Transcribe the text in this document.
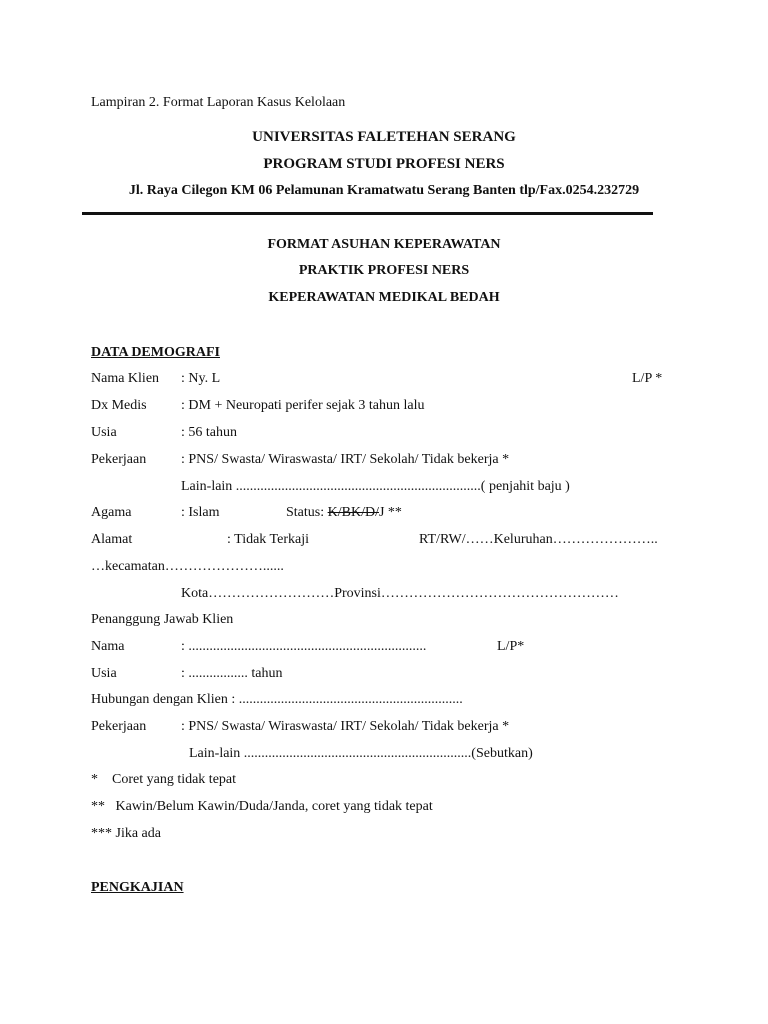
Lampiran 2. Format Laporan Kasus Kelolaan
UNIVERSITAS FALETEHAN SERANG
PROGRAM STUDI PROFESI NERS
Jl. Raya Cilegon KM 06 Pelamunan Kramatwatu Serang Banten tlp/Fax.0254.232729
FORMAT ASUHAN KEPERAWATAN
PRAKTIK PROFESI NERS
KEPERAWATAN MEDIKAL BEDAH
DATA DEMOGRAFI
Nama Klien : Ny. L	L/P *
Dx Medis : DM + Neuropati perifer sejak 3 tahun lalu
Usia	: 56 tahun
Pekerjaan : PNS/ Swasta/ Wiraswasta/ IRT/ Sekolah/ Tidak bekerja *
Lain-lain ......................................................................( penjahit baju )
Agama	: Islam	Status: K/BK/D/J **
Alamat	: Tidak Terkaji	RT/RW/……Keluruhan…………………..
…kecamatan…………………......
Kota………………………Provinsi……………………………………………
Penanggung Jawab Klien
Nama	: ....................................................................	L/P*
Usia	: ................. tahun
Hubungan dengan Klien : ................................................................
Pekerjaan : PNS/ Swasta/ Wiraswasta/ IRT/ Sekolah/ Tidak bekerja *
Lain-lain .................................................................(Sebutkan)
*    Coret yang tidak tepat
**   Kawin/Belum Kawin/Duda/Janda, coret yang tidak tepat
*** Jika ada
PENGKAJIAN
